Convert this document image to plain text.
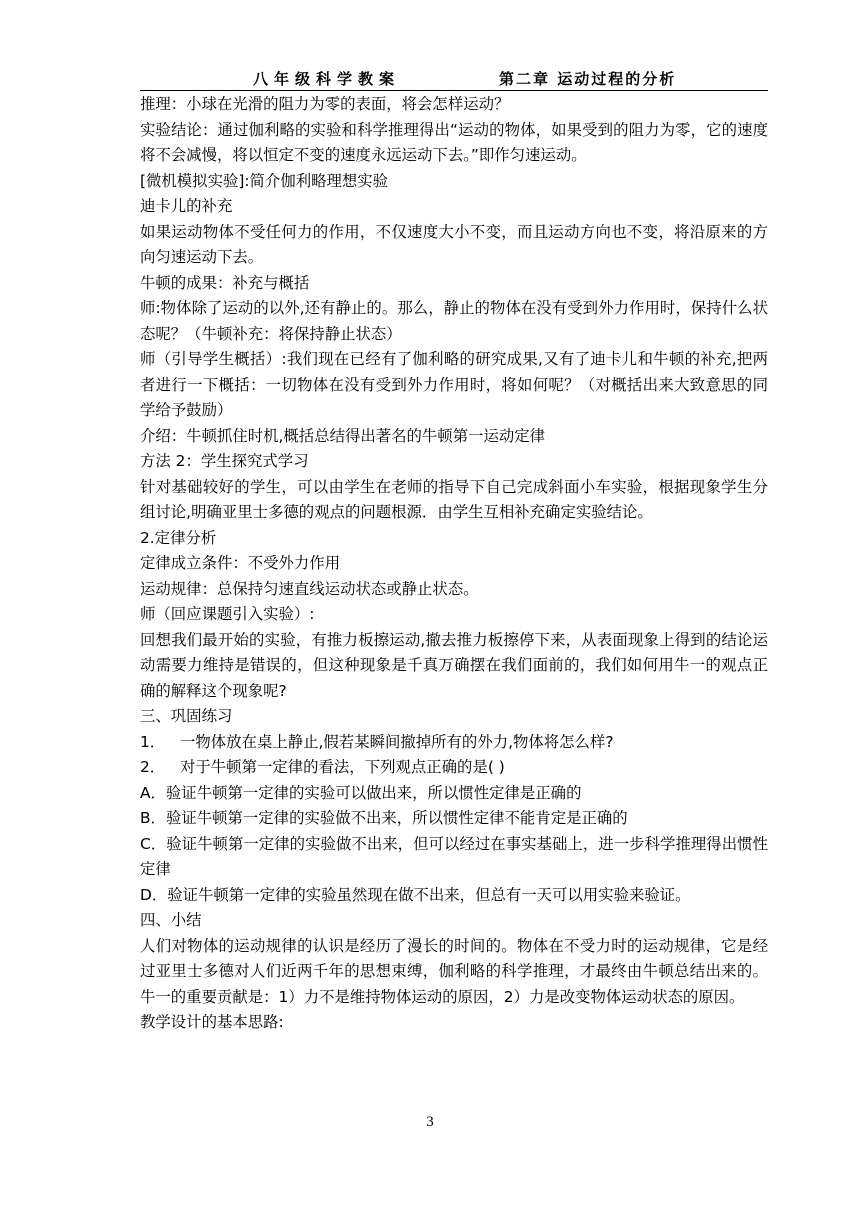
八年级科学教案	第二章 运动过程的分析

推理：小球在光滑的阻力为零的表面，将会怎样运动？

实验结论：通过伽利略的实验和科学推理得出“运动的物体，如果受到的阻力为零，它的速度将不会减慢，将以恒定不变的速度永远运动下去。”即作匀速运动。

[微机模拟实验]:简介伽利略理想实验

迪卡儿的补充

如果运动物体不受任何力的作用，不仅速度大小不变，而且运动方向也不变，将沿原来的方向匀速运动下去。

牛顿的成果：补充与概括

师:物体除了运动的以外,还有静止的。那么，静止的物体在没有受到外力作用时，保持什么状态呢？（牛顿补充：将保持静止状态）

师（引导学生概括）:我们现在已经有了伽利略的研究成果,又有了迪卡儿和牛顿的补充,把两者进行一下概括：一切物体在没有受到外力作用时，将如何呢？（对概括出来大致意思的同学给予鼓励）

介绍：牛顿抓住时机,概括总结得出著名的牛顿第一运动定律

方法 2：学生探究式学习

针对基础较好的学生，可以由学生在老师的指导下自己完成斜面小车实验，根据现象学生分组讨论,明确亚里士多德的观点的问题根源．由学生互相补充确定实验结论。

2.定律分析

定律成立条件：不受外力作用

运动规律：总保持匀速直线运动状态或静止状态。

师（回应课题引入实验）:

回想我们最开始的实验，有推力板擦运动,撤去推力板擦停下来，从表面现象上得到的结论运动需要力维持是错误的，但这种现象是千真万确摆在我们面前的，我们如何用牛一的观点正确的解释这个现象呢?

三、巩固练习

1． 一物体放在桌上静止,假若某瞬间撤掉所有的外力,物体将怎么样?

2． 对于牛顿第一定律的看法，下列观点正确的是( )

A．验证牛顿第一定律的实验可以做出来，所以惯性定律是正确的

B．验证牛顿第一定律的实验做不出来，所以惯性定律不能肯定是正确的

C．验证牛顿第一定律的实验做不出来，但可以经过在事实基础上，进一步科学推理得出惯性定律

D．验证牛顿第一定律的实验虽然现在做不出来，但总有一天可以用实验来验证。

四、小结

人们对物体的运动规律的认识是经历了漫长的时间的。物体在不受力时的运动规律，它是经过亚里士多德对人们近两千年的思想束缚，伽利略的科学推理，才最终由牛顿总结出来的。牛一的重要贡献是：1）力不是维持物体运动的原因，2）力是改变物体运动状态的原因。

教学设计的基本思路:

3
